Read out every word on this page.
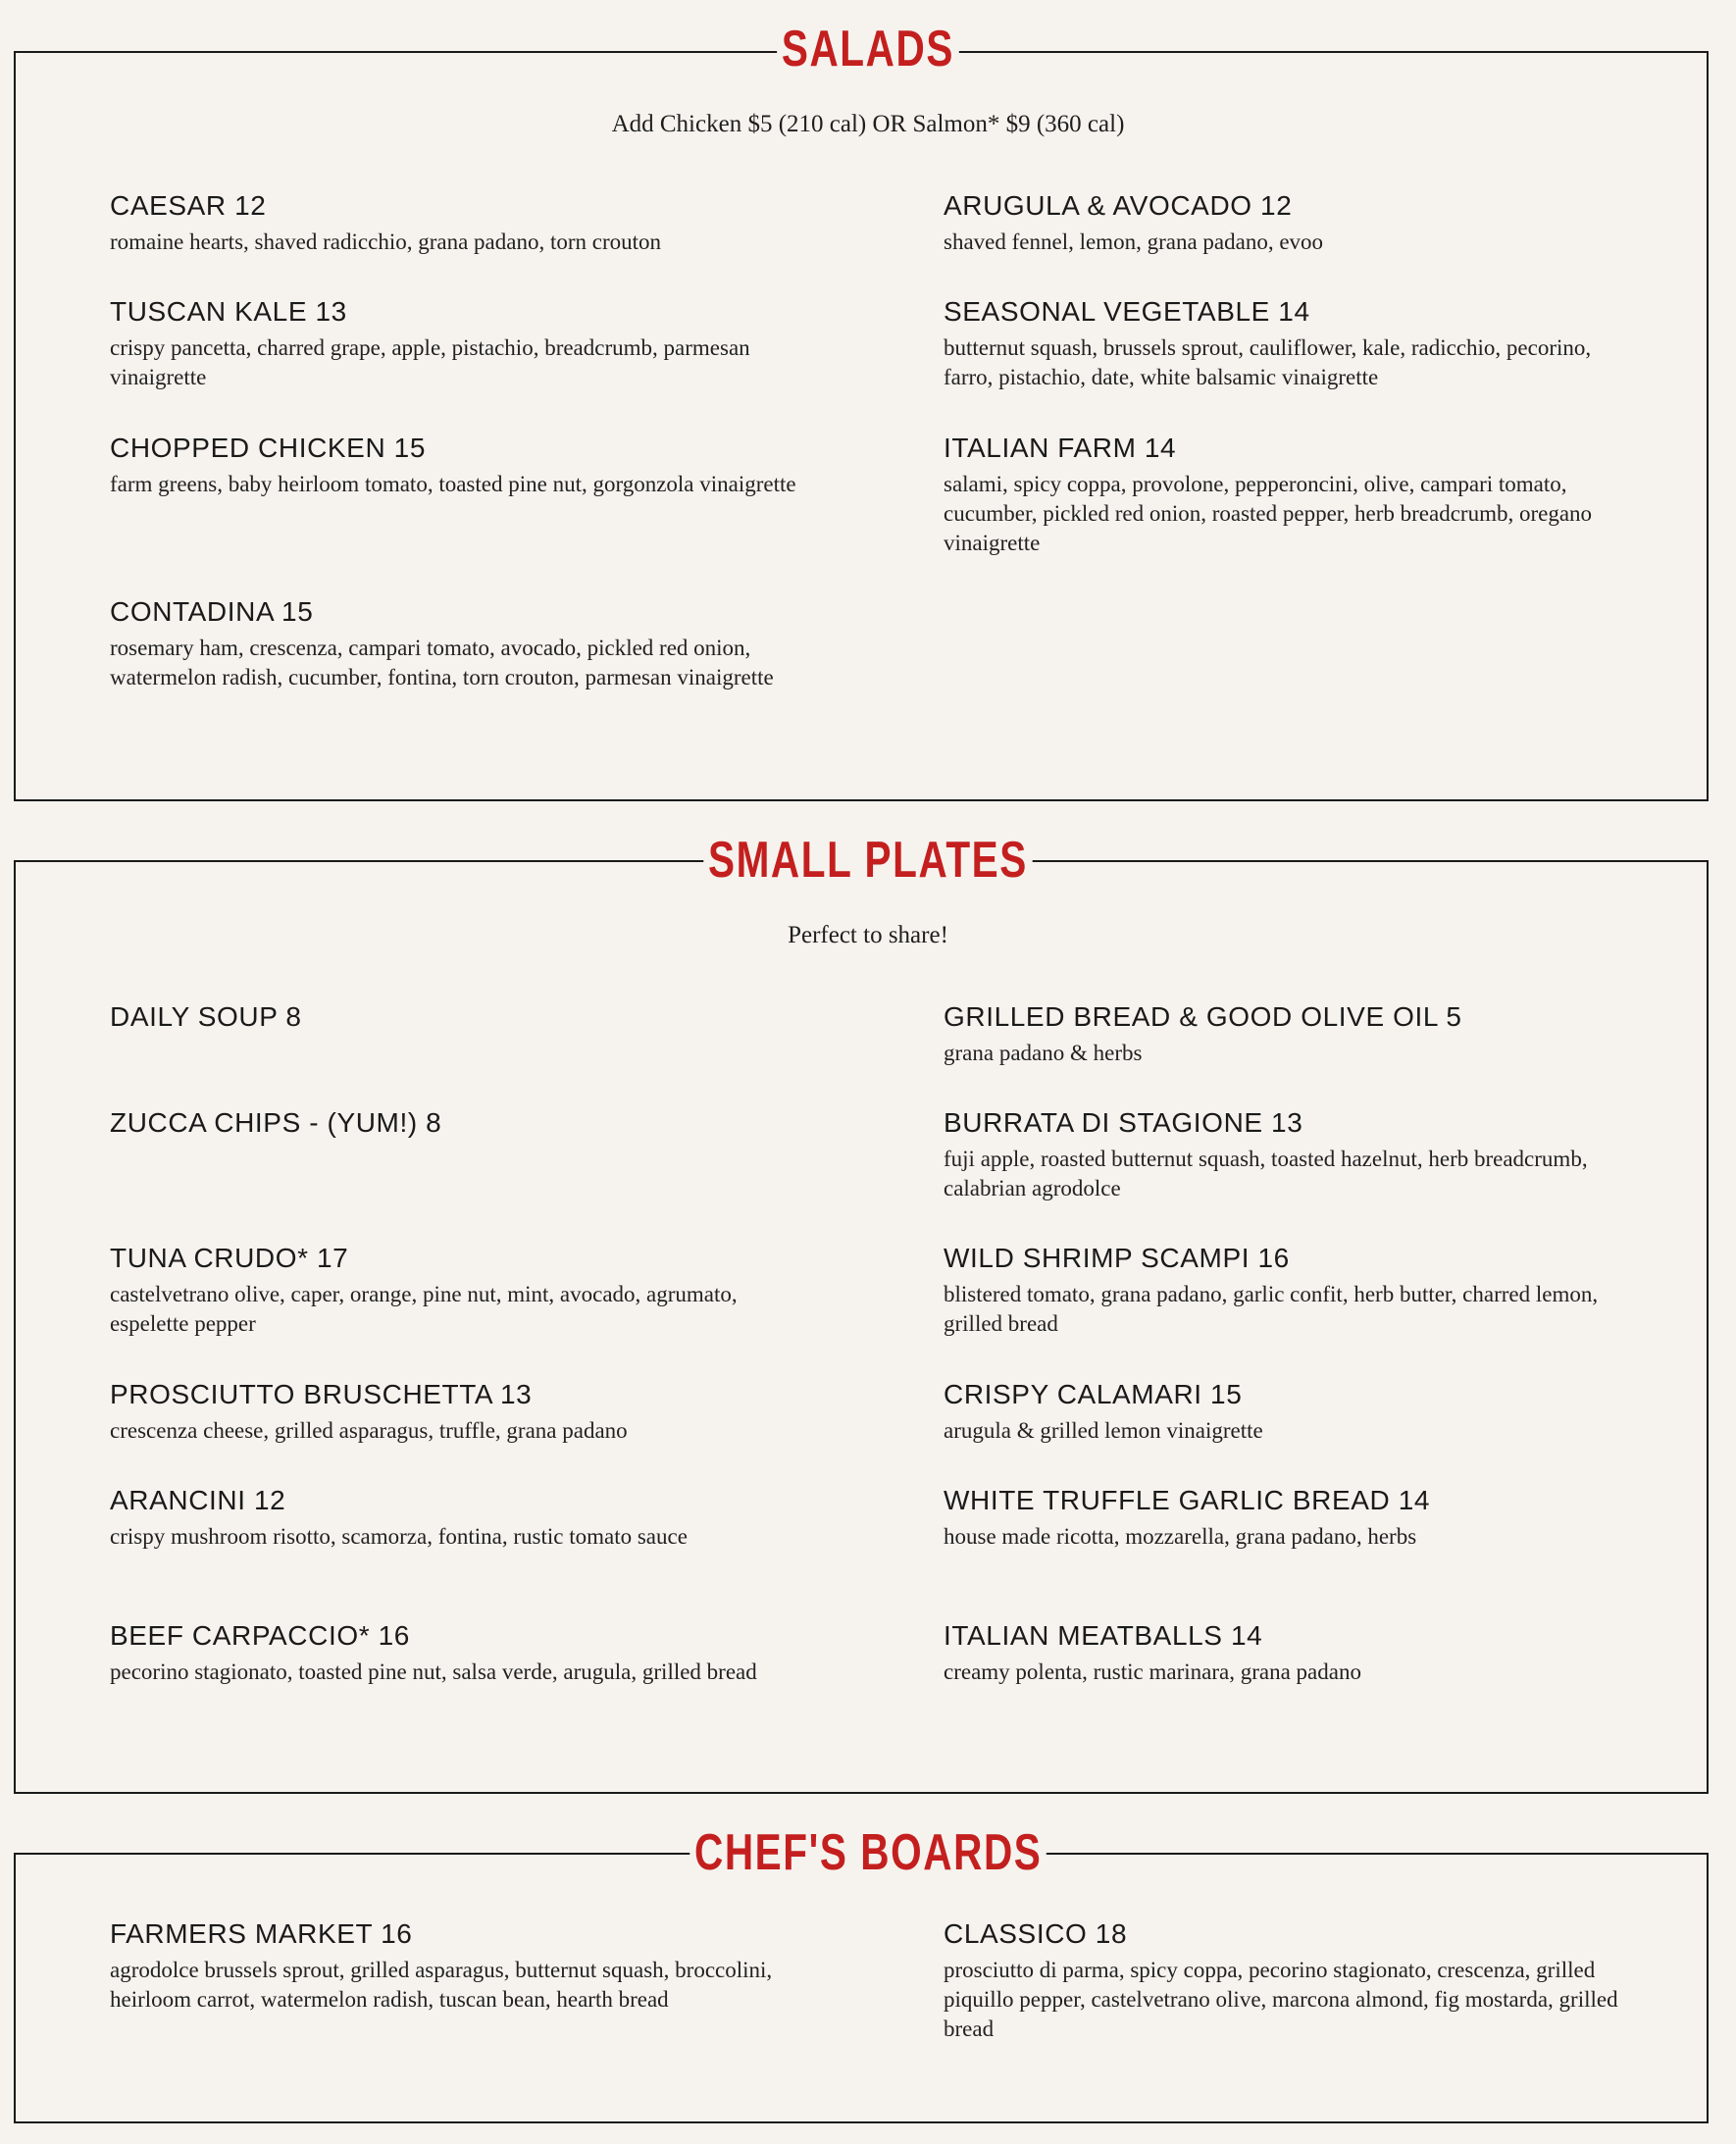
SALADS
Add Chicken $5 (210 cal) OR Salmon* $9 (360 cal)
CAESAR 12
romaine hearts, shaved radicchio, grana padano, torn crouton
ARUGULA & AVOCADO 12
shaved fennel, lemon, grana padano, evoo
TUSCAN KALE 13
crispy pancetta, charred grape, apple, pistachio, breadcrumb, parmesan vinaigrette
SEASONAL VEGETABLE 14
butternut squash, brussels sprout, cauliflower, kale, radicchio, pecorino, farro, pistachio, date, white balsamic vinaigrette
CHOPPED CHICKEN 15
farm greens, baby heirloom tomato, toasted pine nut, gorgonzola vinaigrette
ITALIAN FARM 14
salami, spicy coppa, provolone, pepperoncini, olive, campari tomato, cucumber, pickled red onion, roasted pepper, herb breadcrumb, oregano vinaigrette
CONTADINA 15
rosemary ham, crescenza, campari tomato, avocado, pickled red onion, watermelon radish, cucumber, fontina, torn crouton, parmesan vinaigrette
SMALL PLATES
Perfect to share!
DAILY SOUP 8	GRILLED BREAD & GOOD OLIVE OIL 5
grana padano & herbs
ZUCCA CHIPS - (YUM!) 8	BURRATA DI STAGIONE 13
fuji apple, roasted butternut squash, toasted hazelnut, herb breadcrumb, calabrian agrodolce
TUNA CRUDO* 17
castelvetrano olive, caper, orange, pine nut, mint, avocado, agrumato, espelette pepper
WILD SHRIMP SCAMPI 16
blistered tomato, grana padano, garlic confit, herb butter, charred lemon, grilled bread
PROSCIUTTO BRUSCHETTA 13
crescenza cheese, grilled asparagus, truffle, grana padano
CRISPY CALAMARI 15
arugula & grilled lemon vinaigrette
ARANCINI 12
crispy mushroom risotto, scamorza, fontina, rustic tomato sauce
WHITE TRUFFLE GARLIC BREAD 14
house made ricotta, mozzarella, grana padano, herbs
BEEF CARPACCIO* 16
pecorino stagionato, toasted pine nut, salsa verde, arugula, grilled bread
ITALIAN MEATBALLS 14
creamy polenta, rustic marinara, grana padano
CHEF'S BOARDS
FARMERS MARKET 16
agrodolce brussels sprout, grilled asparagus, butternut squash, broccolini, heirloom carrot, watermelon radish, tuscan bean, hearth bread
CLASSICO 18
prosciutto di parma, spicy coppa, pecorino stagionato, crescenza, grilled piquillo pepper, castelvetrano olive, marcona almond, fig mostarda, grilled bread
